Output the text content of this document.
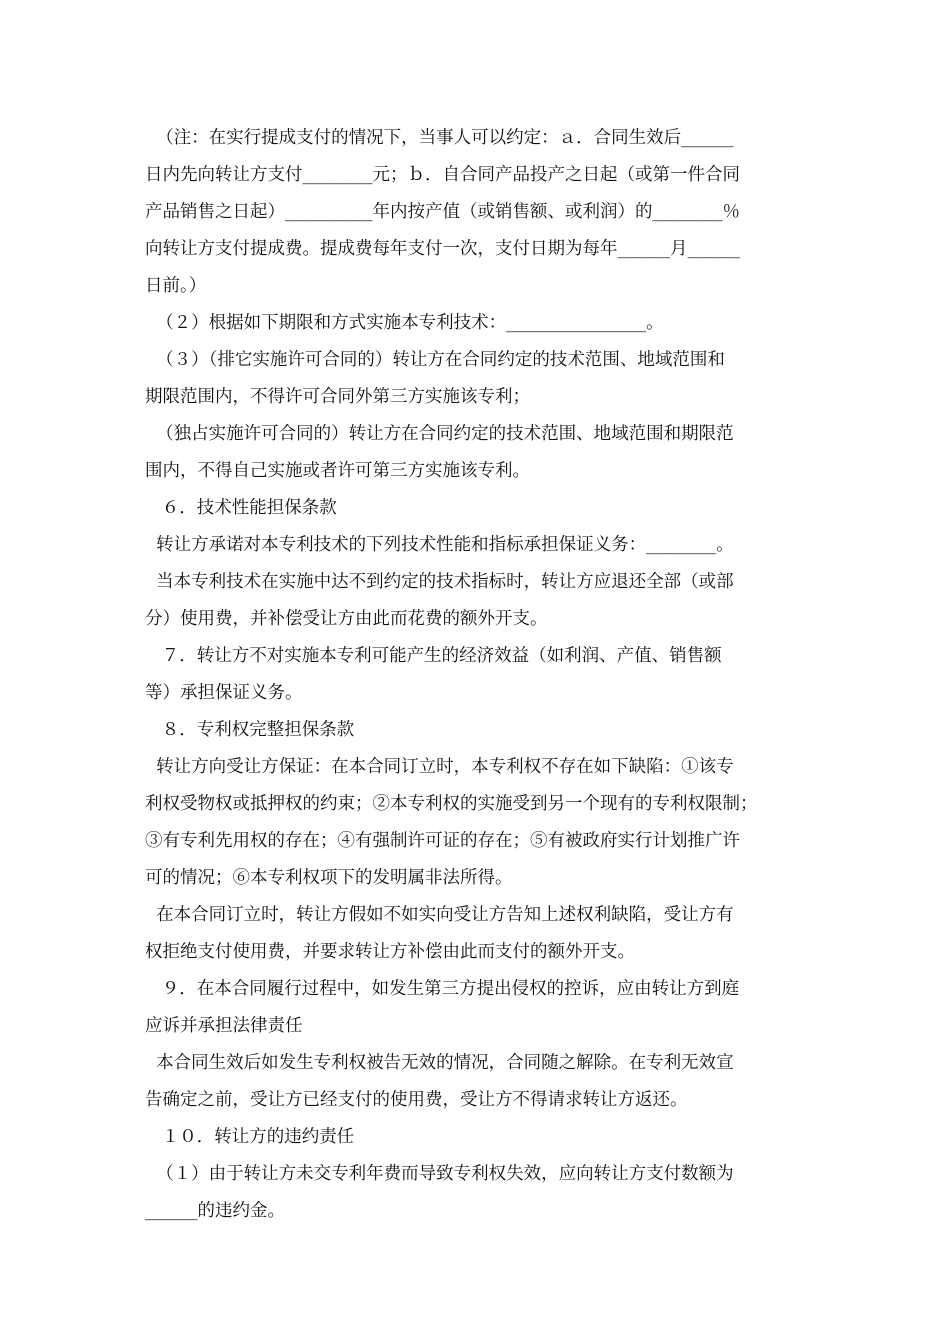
（注：在实行提成支付的情况下，当事人可以约定：ａ．合同生效后______
日内先向转让方支付________元；ｂ．自合同产品投产之日起（或第一件合同
产品销售之日起）__________年内按产值（或销售额、或利润）的________％
向转让方支付提成费。提成费每年支付一次，支付日期为每年______月______
日前。）
（２）根据如下期限和方式实施本专利技术：________________。
（３）（排它实施许可合同的）转让方在合同约定的技术范围、地域范围和
期限范围内，不得许可合同外第三方实施该专利；
（独占实施许可合同的）转让方在合同约定的技术范围、地域范围和期限范
围内，不得自己实施或者许可第三方实施该专利。
６．技术性能担保条款
转让方承诺对本专利技术的下列技术性能和指标承担保证义务：________。
当本专利技术在实施中达不到约定的技术指标时，转让方应退还全部（或部
分）使用费，并补偿受让方由此而花费的额外开支。
７．转让方不对实施本专利可能产生的经济效益（如利润、产值、销售额
等）承担保证义务。
８．专利权完整担保条款
转让方向受让方保证：在本合同订立时，本专利权不存在如下缺陷：①该专
利权受物权或抵押权的约束；②本专利权的实施受到另一个现有的专利权限制；
③有专利先用权的存在；④有强制许可证的存在；⑤有被政府实行计划推广许
可的情况；⑥本专利权项下的发明属非法所得。
在本合同订立时，转让方假如不如实向受让方告知上述权利缺陷，受让方有
权拒绝支付使用费，并要求转让方补偿由此而支付的额外开支。
９．在本合同履行过程中，如发生第三方提出侵权的控诉，应由转让方到庭
应诉并承担法律责任
本合同生效后如发生专利权被告无效的情况，合同随之解除。在专利无效宣
告确定之前，受让方已经支付的使用费，受让方不得请求转让方返还。
１０．转让方的违约责任
（１）由于转让方未交专利年费而导致专利权失效，应向转让方支付数额为
______的违约金。
